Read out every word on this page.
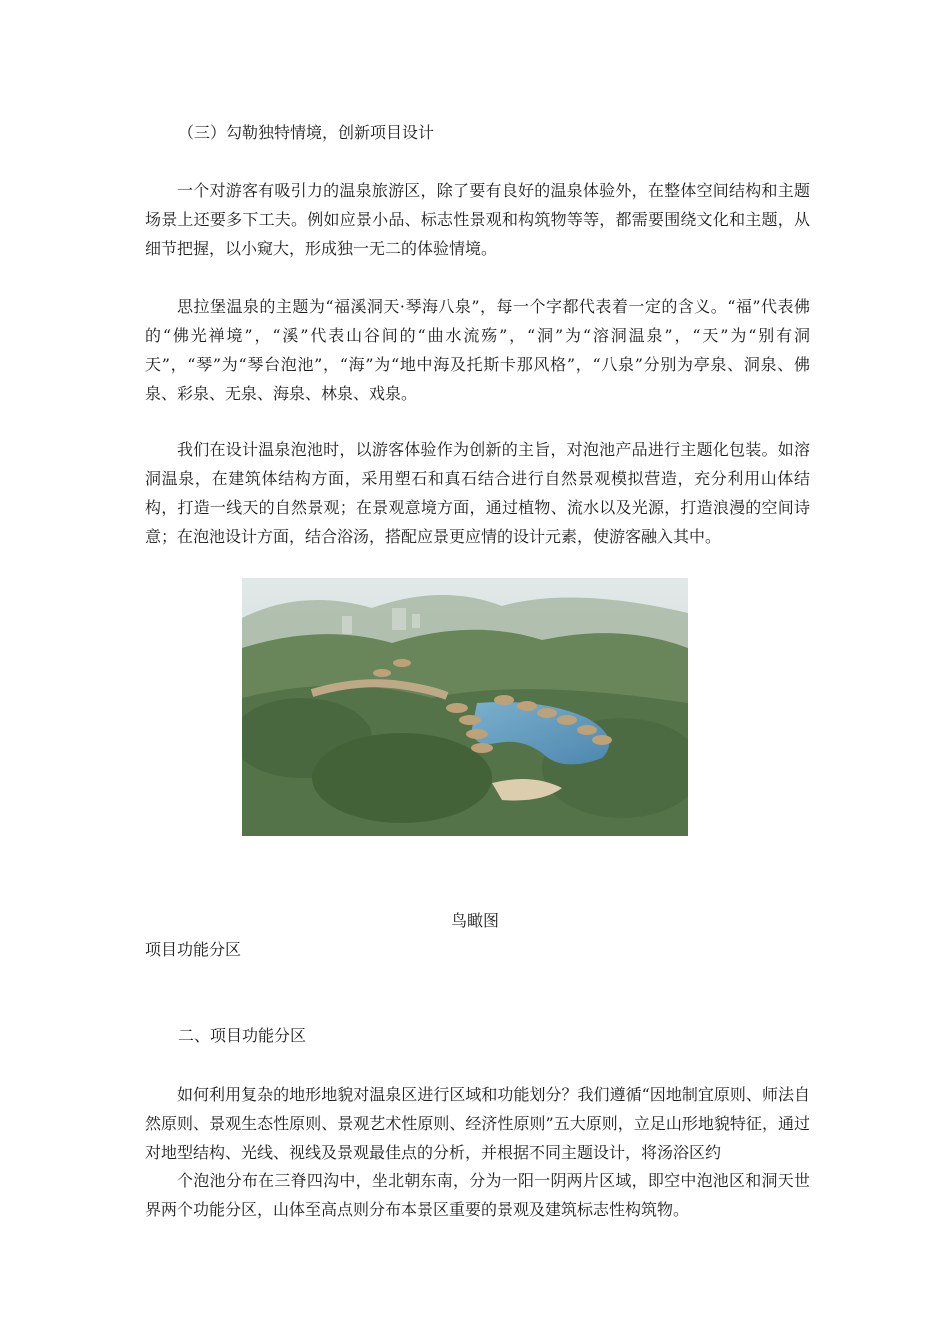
（三）勾勒独特情境，创新项目设计

一个对游客有吸引力的温泉旅游区，除了要有良好的温泉体验外，在整体空间结构和主题场景上还要多下工夫。例如应景小品、标志性景观和构筑物等等，都需要围绕文化和主题，从细节把握，以小窥大，形成独一无二的体验情境。

思拉堡温泉的主题为“福溪洞天·琴海八泉”，每一个字都代表着一定的含义。“福”代表佛的“佛光禅境”，“溪”代表山谷间的“曲水流殇”，“洞”为“溶洞温泉”，“天”为“别有洞天”，“琴”为“琴台泡池”，“海”为“地中海及托斯卡那风格”，“八泉”分别为亭泉、洞泉、佛泉、彩泉、无泉、海泉、林泉、戏泉。

我们在设计温泉泡池时，以游客体验作为创新的主旨，对泡池产品进行主题化包装。如溶洞温泉，在建筑体结构方面，采用塑石和真石结合进行自然景观模拟营造，充分利用山体结构，打造一线天的自然景观；在景观意境方面，通过植物、流水以及光源，打造浪漫的空间诗意；在泡池设计方面，结合浴汤，搭配应景更应情的设计元素，使游客融入其中。

鸟瞰图

项目功能分区

二、项目功能分区

如何利用复杂的地形地貌对温泉区进行区域和功能划分？我们遵循“因地制宜原则、师法自然原则、景观生态性原则、景观艺术性原则、经济性原则”五大原则，立足山形地貌特征，通过对地型结构、光线、视线及景观最佳点的分析，并根据不同主题设计，将汤浴区约

个泡池分布在三脊四沟中，坐北朝东南，分为一阳一阴两片区域，即空中泡池区和洞天世界两个功能分区，山体至高点则分布本景区重要的景观及建筑标志性构筑物。
